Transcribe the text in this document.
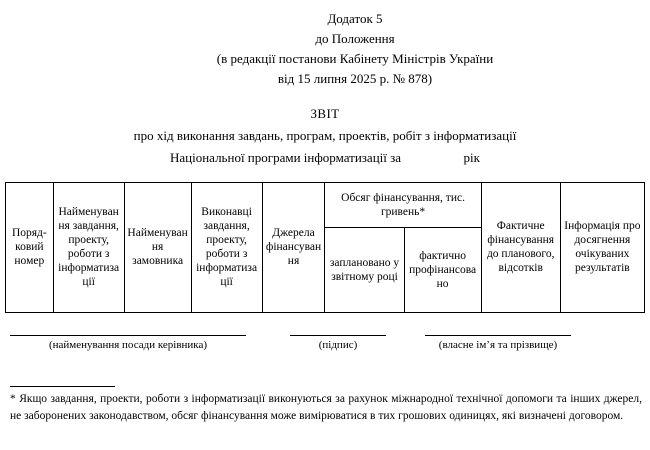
Додаток 5
до Положення
(в редакції постанови Кабінету Міністрів України
від 15 липня 2025 р. № 878)
ЗВІТ
про хід виконання завдань, програм, проектів, робіт з інформатизації
Національної програми інформатизації за	рік
Поряд-
ковий
номер	Найменування завдання, проекту, роботи з інформатизації	Найменування замовника	Виконавці завдання, проекту, роботи з інформатизації	Джерела фінансування	Обсяг фінансування, тис. гривень*		Фактичне фінансування до планового, відсотків	Інформація про досягнення очікуваних результатів
					заплановано у звітному році	фактично профінансовано		
(найменування посади керівника)	(підпис)	(власне імʼя та прізвище)
* Якщо завдання, проекти, роботи з інформатизації виконуються за рахунок міжнародної технічної допомоги та інших джерел, не заборонених законодавством, обсяг фінансування може вимірюватися в тих грошових одиницях, які визначені договором.
